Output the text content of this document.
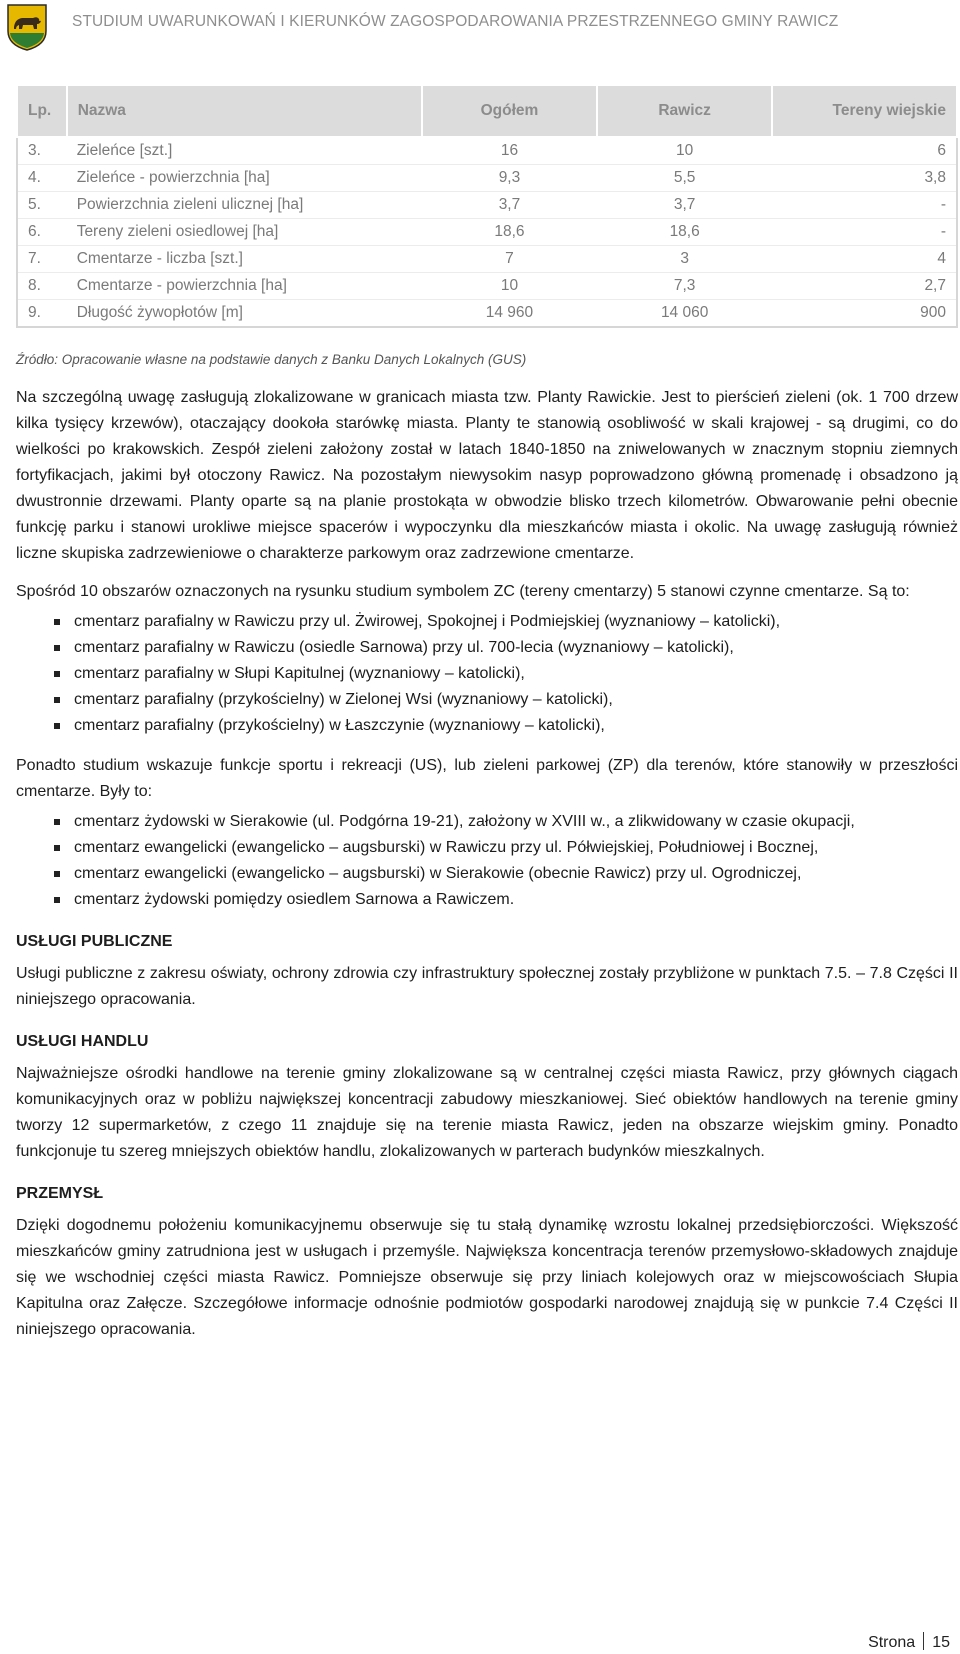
STUDIUM UWARUNKOWAŃ I KIERUNKÓW ZAGOSPODAROWANIA PRZESTRZENNEGO GMINY RAWICZ
Lp.	Nazwa	Ogółem	Rawicz	Tereny wiejskie
3.	Zieleńce [szt.]	16	10	6
4.	Zieleńce - powierzchnia [ha]	9,3	5,5	3,8
5.	Powierzchnia zieleni ulicznej [ha]	3,7	3,7	-
6.	Tereny zieleni osiedlowej [ha]	18,6	18,6	-
7.	Cmentarze - liczba [szt.]	7	3	4
8.	Cmentarze - powierzchnia [ha]	10	7,3	2,7
9.	Długość żywopłotów [m]	14 960	14 060	900
Źródło: Opracowanie własne na podstawie danych z Banku Danych Lokalnych (GUS)

Na szczególną uwagę zasługują zlokalizowane w granicach miasta tzw. Planty Rawickie. Jest to pierścień zieleni (ok. 1 700 drzew kilka tysięcy krzewów), otaczający dookoła starówkę miasta. Planty te stanowią osobliwość w skali krajowej - są drugimi, co do wielkości po krakowskich. Zespół zieleni założony został w latach 1840-1850 na zniwelowanych w znacznym stopniu ziemnych fortyfikacjach, jakimi był otoczony Rawicz. Na pozostałym niewysokim nasyp poprowadzono główną promenadę i obsadzono ją dwustronnie drzewami. Planty oparte są na planie prostokąta w obwodzie blisko trzech kilometrów. Obwarowanie pełni obecnie funkcję parku i stanowi urokliwe miejsce spacerów i wypoczynku dla mieszkańców miasta i okolic. Na uwagę zasługują również liczne skupiska zadrzewieniowe o charakterze parkowym oraz zadrzewione cmentarze.

Spośród 10 obszarów oznaczonych na rysunku studium symbolem ZC (tereny cmentarzy) 5 stanowi czynne cmentarze. Są to:

cmentarz parafialny w Rawiczu przy ul. Żwirowej, Spokojnej i Podmiejskiej (wyznaniowy – katolicki),
cmentarz parafialny w Rawiczu (osiedle Sarnowa) przy ul. 700-lecia (wyznaniowy – katolicki),
cmentarz parafialny w Słupi Kapitulnej (wyznaniowy – katolicki),
cmentarz parafialny (przykościelny) w Zielonej Wsi (wyznaniowy – katolicki),
cmentarz parafialny (przykościelny) w Łaszczynie (wyznaniowy – katolicki),

Ponadto studium wskazuje funkcje sportu i rekreacji (US), lub zieleni parkowej (ZP) dla terenów, które stanowiły w przeszłości cmentarze. Były to:

cmentarz żydowski w Sierakowie (ul. Podgórna 19-21), założony w XVIII w., a zlikwidowany w czasie okupacji,
cmentarz ewangelicki (ewangelicko – augsburski) w Rawiczu przy ul. Półwiejskiej, Południowej i Bocznej,
cmentarz ewangelicki (ewangelicko – augsburski) w Sierakowie (obecnie Rawicz) przy ul. Ogrodniczej,
cmentarz żydowski pomiędzy osiedlem Sarnowa a Rawiczem.
USŁUGI PUBLICZNE

Usługi publiczne z zakresu oświaty, ochrony zdrowia czy infrastruktury społecznej zostały przybliżone w punktach 7.5. – 7.8 Części II niniejszego opracowania.

USŁUGI HANDLU

Najważniejsze ośrodki handlowe na terenie gminy zlokalizowane są w centralnej części miasta Rawicz, przy głównych ciągach komunikacyjnych oraz w pobliżu największej koncentracji zabudowy mieszkaniowej. Sieć obiektów handlowych na terenie gminy tworzy 12 supermarketów, z czego 11 znajduje się na terenie miasta Rawicz, jeden na obszarze wiejskim gminy. Ponadto funkcjonuje tu szereg mniejszych obiektów handlu, zlokalizowanych w parterach budynków mieszkalnych.

PRZEMYSŁ

Dzięki dogodnemu położeniu komunikacyjnemu obserwuje się tu stałą dynamikę wzrostu lokalnej przedsiębiorczości. Większość mieszkańców gminy zatrudniona jest w usługach i przemyśle. Największa koncentracja terenów przemysłowo-składowych znajduje się we wschodniej części miasta Rawicz. Pomniejsze obserwuje się przy liniach kolejowych oraz w miejscowościach Słupia Kapitulna oraz Załęcze. Szczegółowe informacje odnośnie podmiotów gospodarki narodowej znajdują się w punkcie 7.4 Części II niniejszego opracowania.

Strona 15
